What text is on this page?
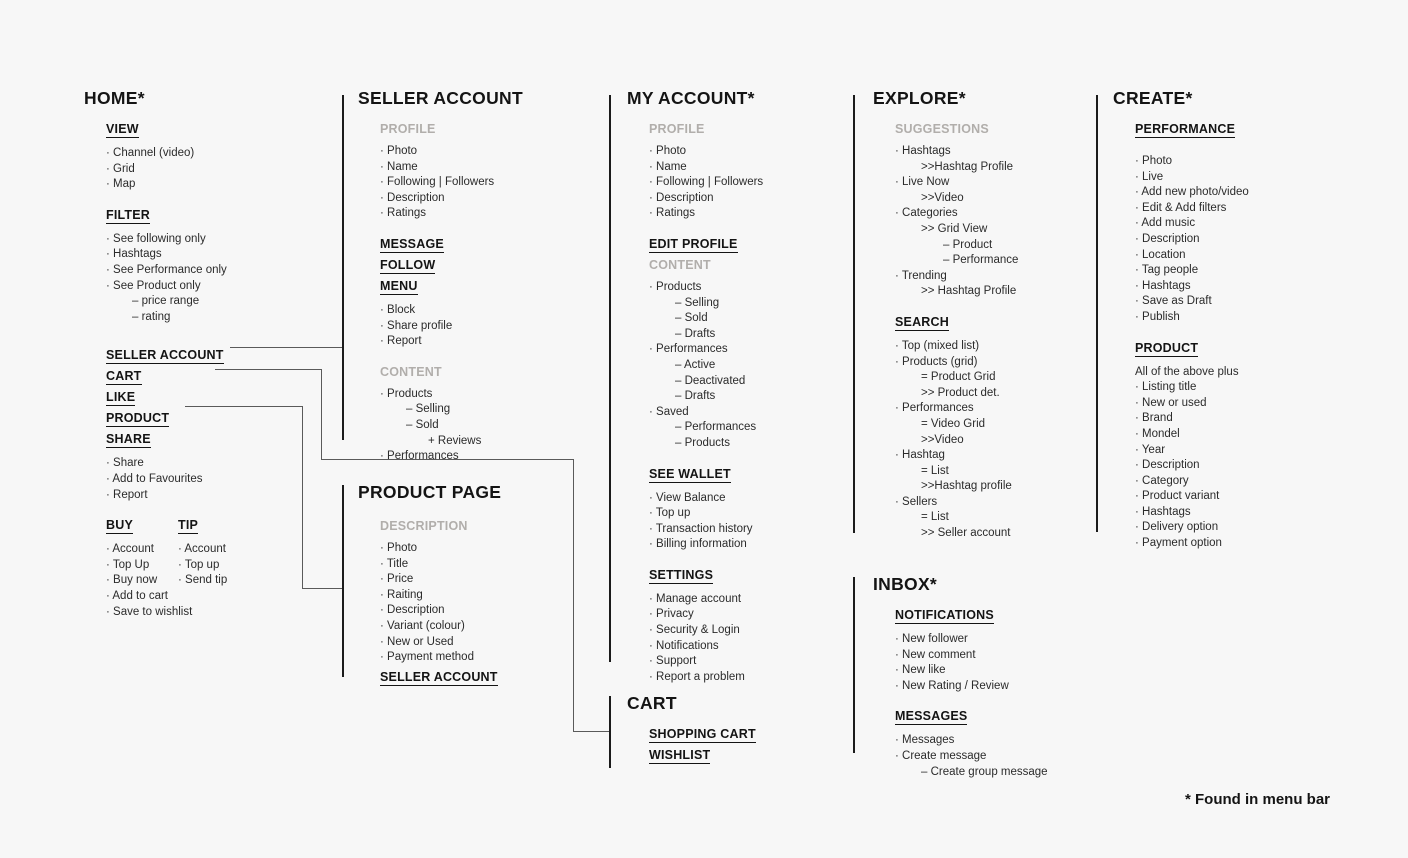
HOME*
VIEW
· Channel (video)
· Grid
· Map
FILTER
· See following only
· Hashtags
· See Performance only
· See Product only
– price range
– rating
SELLER ACCOUNT
CART
LIKE
PRODUCT
SHARE
· Share
· Add to Favourites
· Report
BUY
· Account
· Top Up
· Buy now
· Add to cart
· Save to wishlist
TIP
· Account
· Top up
· Send tip
SELLER ACCOUNT
PROFILE
· Photo
· Name
· Following | Followers
· Description
· Ratings
MESSAGE
FOLLOW
MENU
· Block
· Share profile
· Report
CONTENT
· Products
– Selling
– Sold
+ Reviews
· Performances
PRODUCT PAGE
DESCRIPTION
· Photo
· Title
· Price
· Raiting
· Description
· Variant (colour)
· New or Used
· Payment method
SELLER ACCOUNT
MY ACCOUNT*
PROFILE
· Photo
· Name
· Following | Followers
· Description
· Ratings
EDIT PROFILE
CONTENT
· Products
– Selling
– Sold
– Drafts
· Performances
– Active
– Deactivated
– Drafts
· Saved
– Performances
– Products
SEE WALLET
· View Balance
· Top up
· Transaction history
· Billing information
SETTINGS
· Manage account
· Privacy
· Security & Login
· Notifications
· Support
· Report a problem
CART
SHOPPING CART
WISHLIST
EXPLORE*
SUGGESTIONS
· Hashtags
>>Hashtag Profile
· Live Now
>>Video
· Categories
>> Grid View
– Product
– Performance
· Trending
>> Hashtag Profile
SEARCH
· Top (mixed list)
· Products (grid)
= Product Grid
>> Product det.
· Performances
= Video Grid
>>Video
· Hashtag
= List
>>Hashtag profile
· Sellers
= List
>> Seller account
INBOX*
NOTIFICATIONS
· New follower
· New comment
· New like
· New Rating / Review
MESSAGES
· Messages
· Create message
– Create group message
CREATE*
PERFORMANCE
· Photo
· Live
· Add new photo/video
· Edit & Add filters
· Add music
· Description
· Location
· Tag people
· Hashtags
· Save as Draft
· Publish
PRODUCT
All of the above plus
· Listing title
· New or used
· Brand
· Mondel
· Year
· Description
· Category
· Product variant
· Hashtags
· Delivery option
· Payment option
* Found in menu bar
